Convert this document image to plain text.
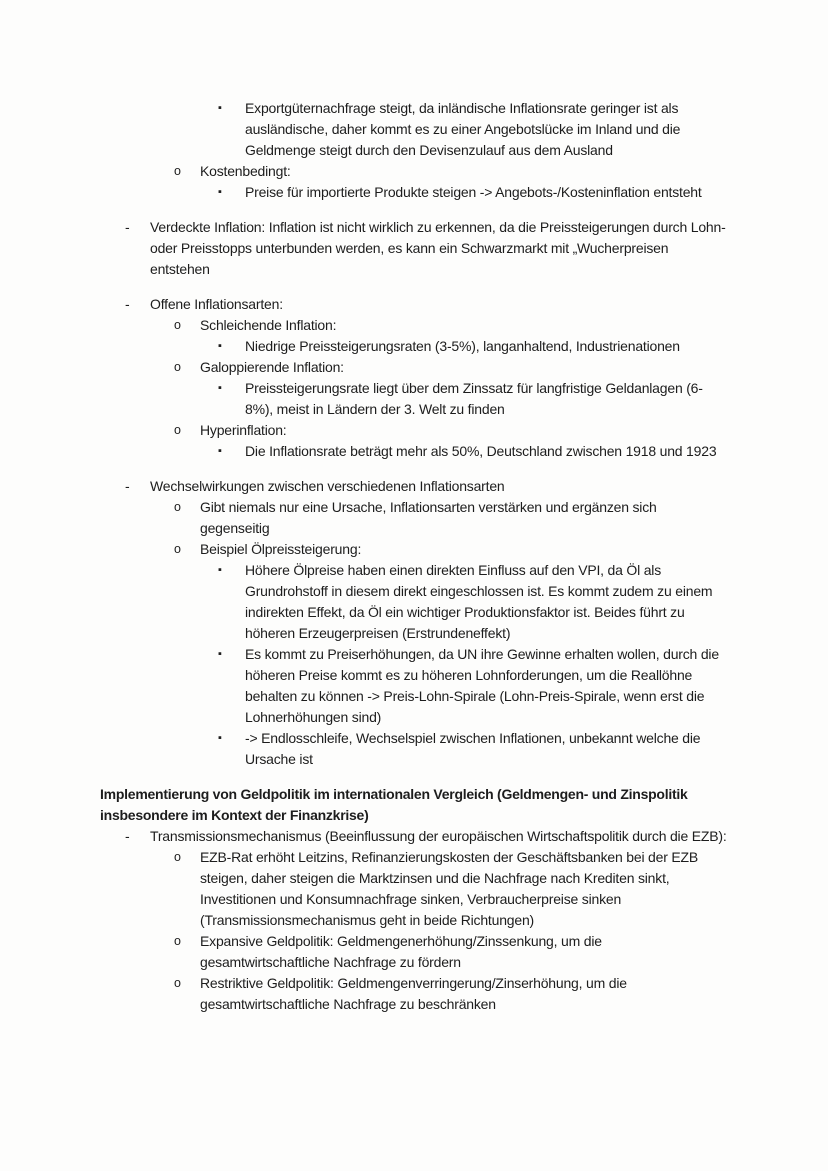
▪	Exportgüternachfrage steigt, da inländische Inflationsrate geringer ist als ausländische, daher kommt es zu einer Angebotslücke im Inland und die Geldmenge steigt durch den Devisenzulauf aus dem Ausland
o	Kostenbedingt:
▪	Preise für importierte Produkte steigen -> Angebots-/Kosteninflation entsteht
-	Verdeckte Inflation: Inflation ist nicht wirklich zu erkennen, da die Preissteigerungen durch Lohn- oder Preisstopps unterbunden werden, es kann ein Schwarzmarkt mit „Wucherpreisen entstehen
-	Offene Inflationsarten:
o	Schleichende Inflation:
▪	Niedrige Preissteigerungsraten (3-5%), langanhaltend, Industrienationen
o	Galoppierende Inflation:
▪	Preissteigerungsrate liegt über dem Zinssatz für langfristige Geldanlagen (6-8%), meist in Ländern der 3. Welt zu finden
o	Hyperinflation:
▪	Die Inflationsrate beträgt mehr als 50%, Deutschland zwischen 1918 und 1923
-	Wechselwirkungen zwischen verschiedenen Inflationsarten
o	Gibt niemals nur eine Ursache, Inflationsarten verstärken und ergänzen sich gegenseitig
o	Beispiel Ölpreissteigerung:
▪	Höhere Ölpreise haben einen direkten Einfluss auf den VPI, da Öl als Grundrohstoff in diesem direkt eingeschlossen ist. Es kommt zudem zu einem indirekten Effekt, da Öl ein wichtiger Produktionsfaktor ist. Beides führt zu höheren Erzeugerpreisen (Erstrundeneffekt)
▪	Es kommt zu Preiserhöhungen, da UN ihre Gewinne erhalten wollen, durch die höheren Preise kommt es zu höheren Lohnforderungen, um die Reallöhne behalten zu können -> Preis-Lohn-Spirale (Lohn-Preis-Spirale, wenn erst die Lohnerhöhungen sind)
▪	-> Endlosschleife, Wechselspiel zwischen Inflationen, unbekannt welche die Ursache ist
Implementierung von Geldpolitik im internationalen Vergleich (Geldmengen- und Zinspolitik insbesondere im Kontext der Finanzkrise)
-	Transmissionsmechanismus (Beeinflussung der europäischen Wirtschaftspolitik durch die EZB):
o	EZB-Rat erhöht Leitzins, Refinanzierungskosten der Geschäftsbanken bei der EZB steigen, daher steigen die Marktzinsen und die Nachfrage nach Krediten sinkt, Investitionen und Konsumnachfrage sinken, Verbraucherpreise sinken (Transmissionsmechanismus geht in beide Richtungen)
o	Expansive Geldpolitik: Geldmengenerhöhung/Zinssenkung, um die gesamtwirtschaftliche Nachfrage zu fördern
o	Restriktive Geldpolitik: Geldmengenverringerung/Zinserhöhung, um die gesamtwirtschaftliche Nachfrage zu beschränken
